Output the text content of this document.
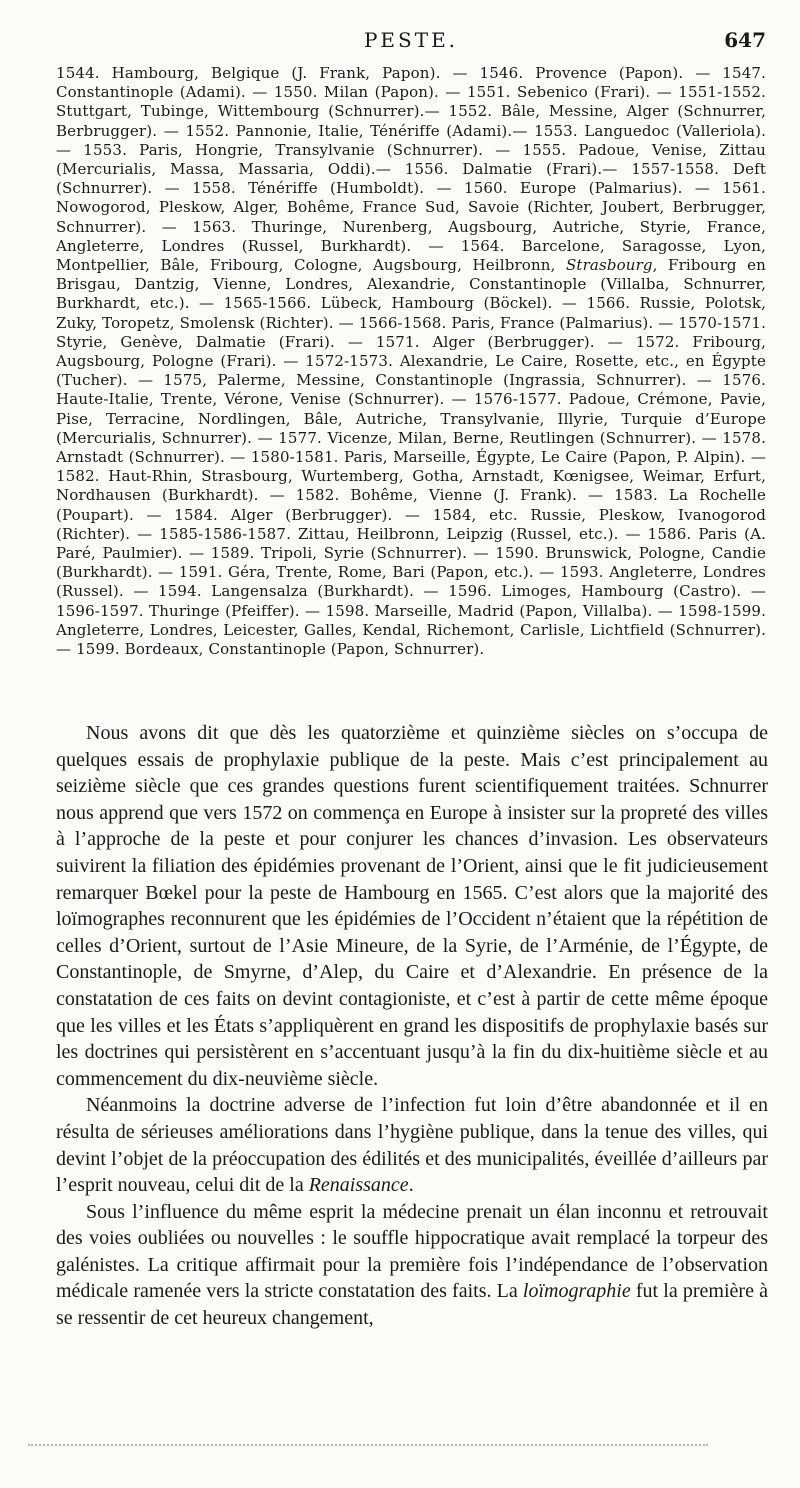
PESTE.	647
1544. Hambourg, Belgique (J. Frank, Papon). — 1546. Provence (Papon). — 1547. Constantinople (Adami). — 1550. Milan (Papon). — 1551. Sebenico (Frari). — 1551-1552. Stuttgart, Tubinge, Wittembourg (Schnurrer).— 1552. Bâle, Messine, Alger (Schnurrer, Berbrugger). — 1552. Pannonie, Italie, Ténériffe (Adami).— 1553. Languedoc (Valleriola). — 1553. Paris, Hongrie, Transylvanie (Schnurrer). — 1555. Padoue, Venise, Zittau (Mercurialis, Massa, Massaria, Oddi).— 1556. Dalmatie (Frari).— 1557-1558. Deft (Schnurrer). — 1558. Ténériffe (Humboldt). — 1560. Europe (Palmarius). — 1561. Nowogorod, Pleskow, Alger, Bohême, France Sud, Savoie (Richter, Joubert, Berbrugger, Schnurrer). — 1563. Thuringe, Nurenberg, Augsbourg, Autriche, Styrie, France, Angleterre, Londres (Russel, Burkhardt). — 1564. Barcelone, Saragosse, Lyon, Montpellier, Bâle, Fribourg, Cologne, Augsbourg, Heilbronn, Strasbourg, Fribourg en Brisgau, Dantzig, Vienne, Londres, Alexandrie, Constantinople (Villalba, Schnurrer, Burkhardt, etc.). — 1565-1566. Lübeck, Hambourg (Böckel). — 1566. Russie, Polotsk, Zuky, Toropetz, Smolensk (Richter). — 1566-1568. Paris, France (Palmarius). — 1570-1571. Styrie, Genève, Dalmatie (Frari). — 1571. Alger (Berbrugger). — 1572. Fribourg, Augsbourg, Pologne (Frari). — 1572-1573. Alexandrie, Le Caire, Rosette, etc., en Égypte (Tucher). — 1575, Palerme, Messine, Constantinople (Ingrassia, Schnurrer). — 1576. Haute-Italie, Trente, Vérone, Venise (Schnurrer). — 1576-1577. Padoue, Crémone, Pavie, Pise, Terracine, Nordlingen, Bâle, Autriche, Transylvanie, Illyrie, Turquie d’Europe (Mercurialis, Schnurrer). — 1577. Vicenze, Milan, Berne, Reutlingen (Schnurrer). — 1578. Arnstadt (Schnurrer). — 1580-1581. Paris, Marseille, Égypte, Le Caire (Papon, P. Alpin). —1582. Haut-Rhin, Strasbourg, Wurtemberg, Gotha, Arnstadt, Kœnigsee, Weimar, Erfurt, Nordhausen (Burkhardt). — 1582. Bohême, Vienne (J. Frank). — 1583. La Rochelle (Poupart). — 1584. Alger (Berbrugger). — 1584, etc. Russie, Pleskow, Ivanogorod (Richter). — 1585-1586-1587. Zittau, Heilbronn, Leipzig (Russel, etc.). — 1586. Paris (A. Paré, Paulmier). — 1589. Tripoli, Syrie (Schnurrer). — 1590. Brunswick, Pologne, Candie (Burkhardt). — 1591. Géra, Trente, Rome, Bari (Papon, etc.). — 1593. Angleterre, Londres (Russel). — 1594. Langensalza (Burkhardt). — 1596. Limoges, Hambourg (Castro). — 1596-1597. Thuringe (Pfeiffer). — 1598. Marseille, Madrid (Papon, Villalba). — 1598-1599. Angleterre, Londres, Leicester, Galles, Kendal, Richemont, Carlisle, Lichtfield (Schnurrer). — 1599. Bordeaux, Constantinople (Papon, Schnurrer).

Nous avons dit que dès les quatorzième et quinzième siècles on s’occupa de quelques essais de prophylaxie publique de la peste. Mais c’est principalement au seizième siècle que ces grandes questions furent scientifiquement traitées. Schnurrer nous apprend que vers 1572 on commença en Europe à insister sur la propreté des villes à l’approche de la peste et pour conjurer les chances d’invasion. Les observateurs suivirent la filiation des épidémies provenant de l’Orient, ainsi que le fit judicieusement remarquer Bœkel pour la peste de Hambourg en 1565. C’est alors que la majorité des loïmographes reconnurent que les épidémies de l’Occident n’étaient que la répétition de celles d’Orient, surtout de l’Asie Mineure, de la Syrie, de l’Arménie, de l’Égypte, de Constantinople, de Smyrne, d’Alep, du Caire et d’Alexandrie. En présence de la constatation de ces faits on devint contagioniste, et c’est à partir de cette même époque que les villes et les États s’appliquèrent en grand les dispositifs de prophylaxie basés sur les doctrines qui persistèrent en s’accentuant jusqu’à la fin du dix-huitième siècle et au commencement du dix-neuvième siècle.

Néanmoins la doctrine adverse de l’infection fut loin d’être abandonnée et il en résulta de sérieuses améliorations dans l’hygiène publique, dans la tenue des villes, qui devint l’objet de la préoccupation des édilités et des municipalités, éveillée d’ailleurs par l’esprit nouveau, celui dit de la Renaissance.

Sous l’influence du même esprit la médecine prenait un élan inconnu et retrouvait des voies oubliées ou nouvelles : le souffle hippocratique avait remplacé la torpeur des galénistes. La critique affirmait pour la première fois l’indépendance de l’observation médicale ramenée vers la stricte constatation des faits. La loïmographie fut la première à se ressentir de cet heureux changement,
